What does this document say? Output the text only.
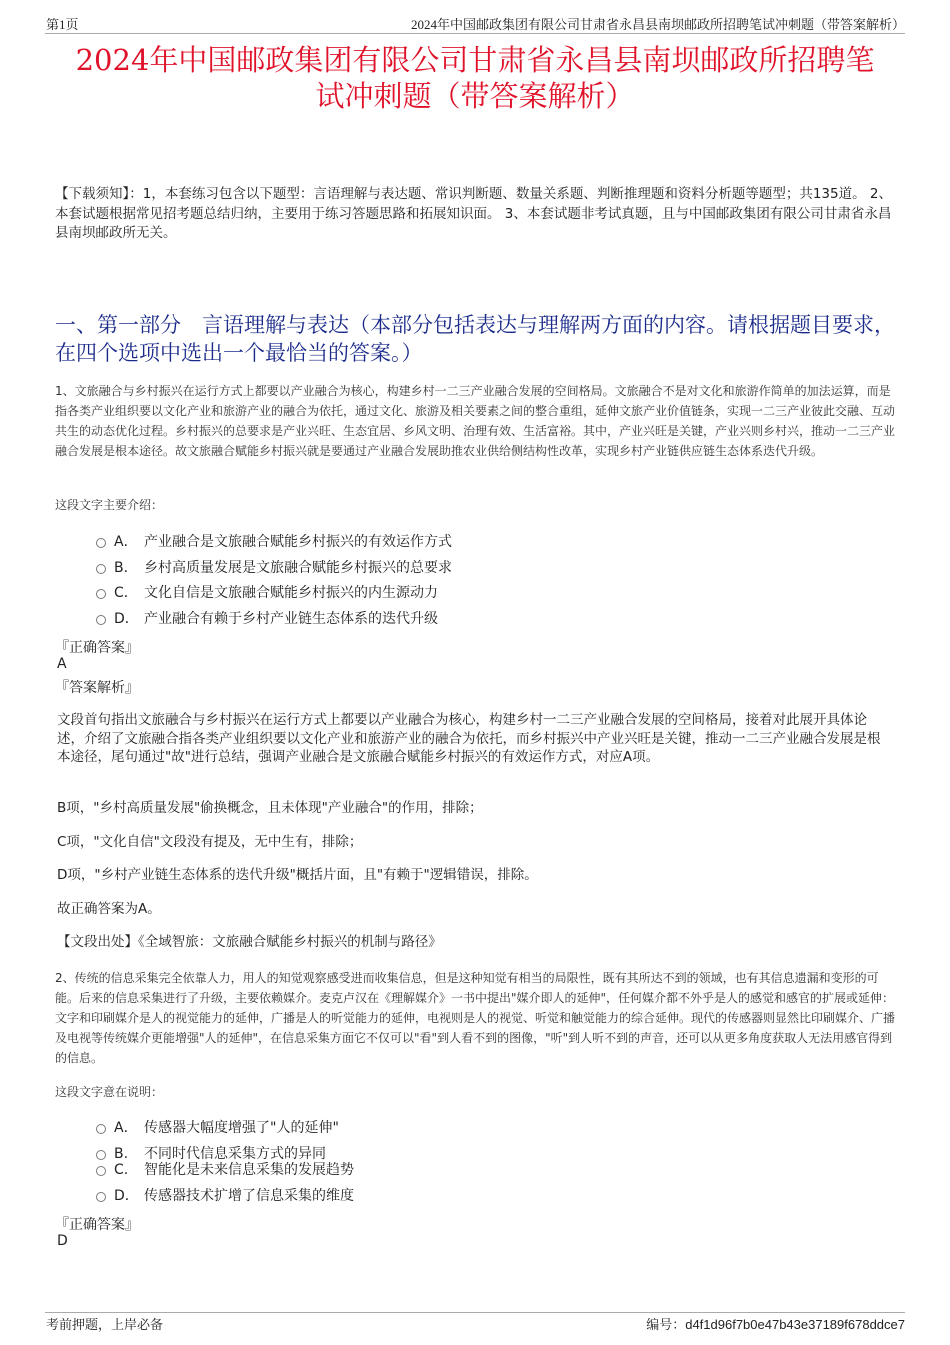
第1页	2024年中国邮政集团有限公司甘肃省永昌县南坝邮政所招聘笔试冲刺题（带答案解析）
2024年中国邮政集团有限公司甘肃省永昌县南坝邮政所招聘笔
试冲刺题（带答案解析）
【下载须知】：1，本套练习包含以下题型：言语理解与表达题、常识判断题、数量关系题、判断推理题和资料分析题等题型；共135道。 2、本套试题根据常见招考题总结归纳，主要用于练习答题思路和拓展知识面。 3、本套试题非考试真题，且与中国邮政集团有限公司甘肃省永昌县南坝邮政所无关。
一、第一部分　言语理解与表达（本部分包括表达与理解两方面的内容。请根据题目要求，在四个选项中选出一个最恰当的答案。）
1、文旅融合与乡村振兴在运行方式上都要以产业融合为核心，构建乡村一二三产业融合发展的空间格局。文旅融合不是对文化和旅游作简单的加法运算，而是指各类产业组织要以文化产业和旅游产业的融合为依托，通过文化、旅游及相关要素之间的整合重组，延伸文旅产业价值链条，实现一二三产业彼此交融、互动共生的动态优化过程。乡村振兴的总要求是产业兴旺、生态宜居、乡风文明、治理有效、生活富裕。其中，产业兴旺是关键，产业兴则乡村兴，推动一二三产业融合发展是根本途径。故文旅融合赋能乡村振兴就是要通过产业融合发展助推农业供给侧结构性改革，实现乡村产业链供应链生态体系迭代升级。
这段文字主要介绍：
A． 产业融合是文旅融合赋能乡村振兴的有效运作方式
B． 乡村高质量发展是文旅融合赋能乡村振兴的总要求
C． 文化自信是文旅融合赋能乡村振兴的内生源动力
D． 产业融合有赖于乡村产业链生态体系的迭代升级
『正确答案』
A
『答案解析』
文段首句指出文旅融合与乡村振兴在运行方式上都要以产业融合为核心，构建乡村一二三产业融合发展的空间格局，接着对此展开具体论述，介绍了文旅融合指各类产业组织要以文化产业和旅游产业的融合为依托，而乡村振兴中产业兴旺是关键，推动一二三产业融合发展是根本途径，尾句通过"故"进行总结，强调产业融合是文旅融合赋能乡村振兴的有效运作方式，对应A项。
B项，"乡村高质量发展"偷换概念，且未体现"产业融合"的作用，排除；
C项，"文化自信"文段没有提及，无中生有，排除；
D项，"乡村产业链生态体系的迭代升级"概括片面，且"有赖于"逻辑错误，排除。
故正确答案为A。
【文段出处】《全域智旅：文旅融合赋能乡村振兴的机制与路径》
2、传统的信息采集完全依靠人力，用人的知觉观察感受进而收集信息，但是这种知觉有相当的局限性，既有其所达不到的领域，也有其信息遗漏和变形的可能。后来的信息采集进行了升级，主要依赖媒介。麦克卢汉在《理解媒介》一书中提出"媒介即人的延伸"，任何媒介都不外乎是人的感觉和感官的扩展或延伸：文字和印刷媒介是人的视觉能力的延伸，广播是人的听觉能力的延伸，电视则是人的视觉、听觉和触觉能力的综合延伸。现代的传感器则显然比印刷媒介、广播及电视等传统媒介更能增强"人的延伸"，在信息采集方面它不仅可以"看"到人看不到的图像，"听"到人听不到的声音，还可以从更多角度获取人无法用感官得到的信息。
这段文字意在说明：
A． 传感器大幅度增强了"人的延伸"
B. 不同时代信息采集方式的异同
C. 智能化是未来信息采集的发展趋势
D． 传感器技术扩增了信息采集的维度
『正确答案』
D
考前押题，上岸必备	编号：d4f1d96f7b0e47b43e37189f678ddce7
